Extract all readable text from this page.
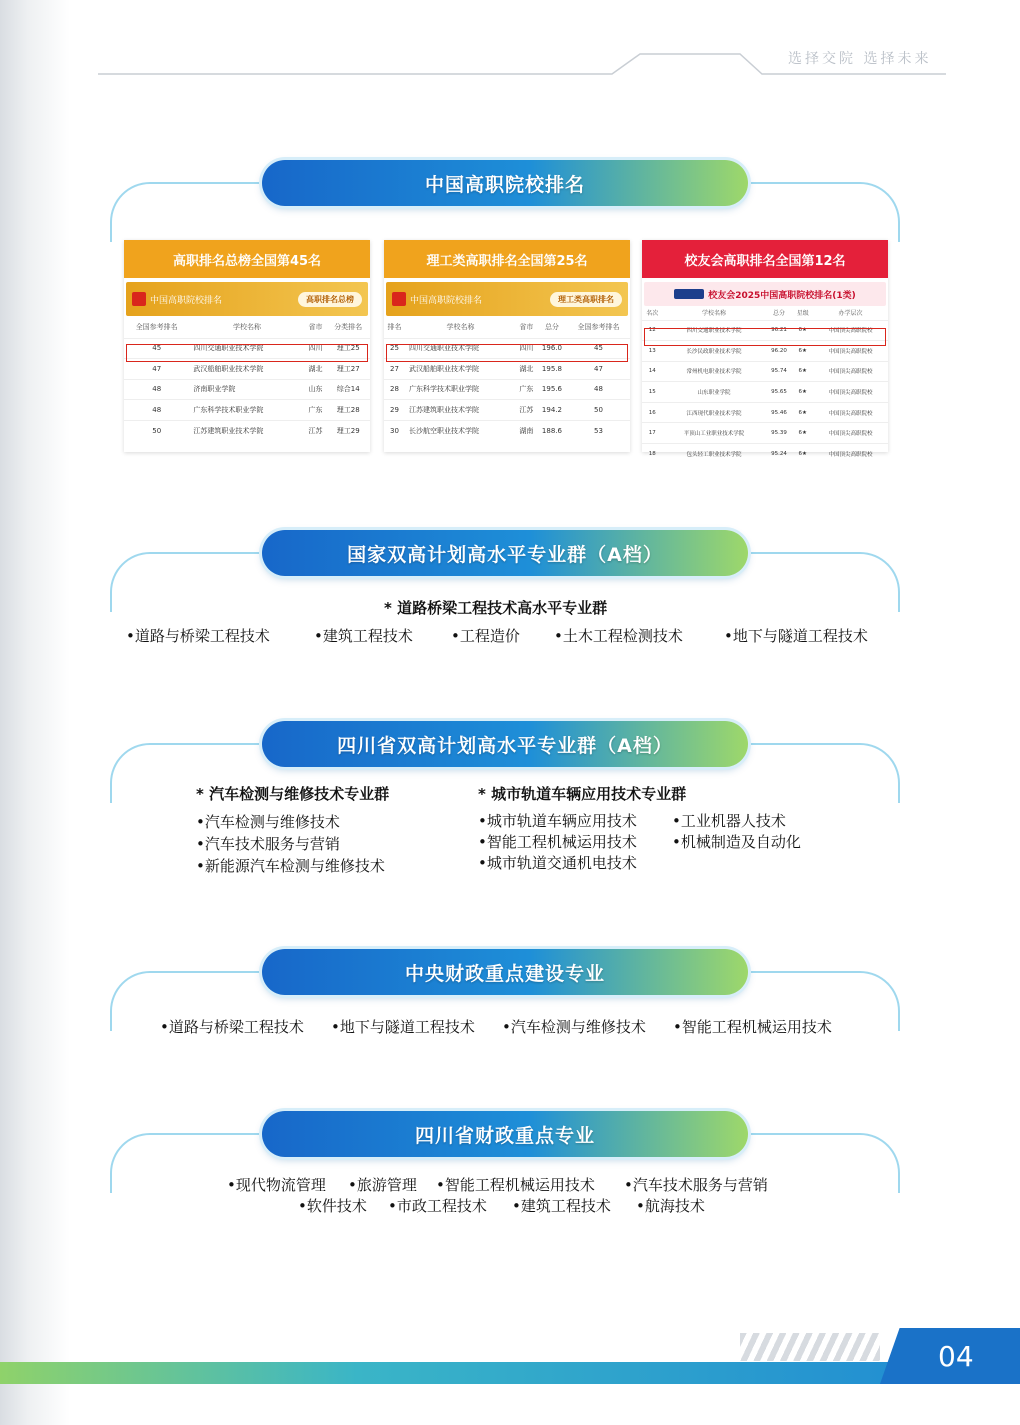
选择交院 选择未来
中国高职院校排名
高职排名总榜全国第45名
中国高职院校排名	高职排名总榜
全国参考排名	学校名称	省市	分类排名
45	四川交通职业技术学院	四川	理工25
47	武汉船舶职业技术学院	湖北	理工27
48	济南职业学院	山东	综合14
48	广东科学技术职业学院	广东	理工28
50	江苏建筑职业技术学院	江苏	理工29
理工类高职排名全国第25名
中国高职院校排名	理工类高职排名
排名	学校名称	省市	总分	全国参考排名
25	四川交通职业技术学院	四川	196.0	45
27	武汉船舶职业技术学院	湖北	195.8	47
28	广东科学技术职业学院	广东	195.6	48
29	江苏建筑职业技术学院	江苏	194.2	50
30	长沙航空职业技术学院	湖南	188.6	53
校友会高职排名全国第12名
校友会2025中国高职院校排名(1类)
名次	学校名称	总分	星级	办学层次
12	四川交通职业技术学院	96.21	6★	中国顶尖高职院校
13	长沙民政职业技术学院	96.20	6★	中国顶尖高职院校
14	常州机电职业技术学院	95.74	6★	中国顶尖高职院校
15	山东职业学院	95.65	6★	中国顶尖高职院校
16	江西现代职业技术学院	95.46	6★	中国顶尖高职院校
17	平顶山工业职业技术学院	95.39	6★	中国顶尖高职院校
18	包头轻工职业技术学院	95.24	6★	中国顶尖高职院校
国家双高计划高水平专业群（A档）
* 道路桥梁工程技术高水平专业群
•道路与桥梁工程技术	•建筑工程技术	•工程造价 •土木工程检测技术	•地下与隧道工程技术
四川省双高计划高水平专业群（A档）
* 汽车检测与维修技术专业群
•汽车检测与维修技术
•汽车技术服务与营销
•新能源汽车检测与维修技术
* 城市轨道车辆应用技术专业群
•城市轨道车辆应用技术
•智能工程机械运用技术
•城市轨道交通机电技术
•工业机器人技术
•机械制造及自动化
中央财政重点建设专业
•道路与桥梁工程技术 •地下与隧道工程技术 •汽车检测与维修技术 •智能工程机械运用技术
四川省财政重点专业
•现代物流管理 •旅游管理 •智能工程机械运用技术 •汽车技术服务与营销
•软件技术 •市政工程技术 •建筑工程技术 •航海技术
04
